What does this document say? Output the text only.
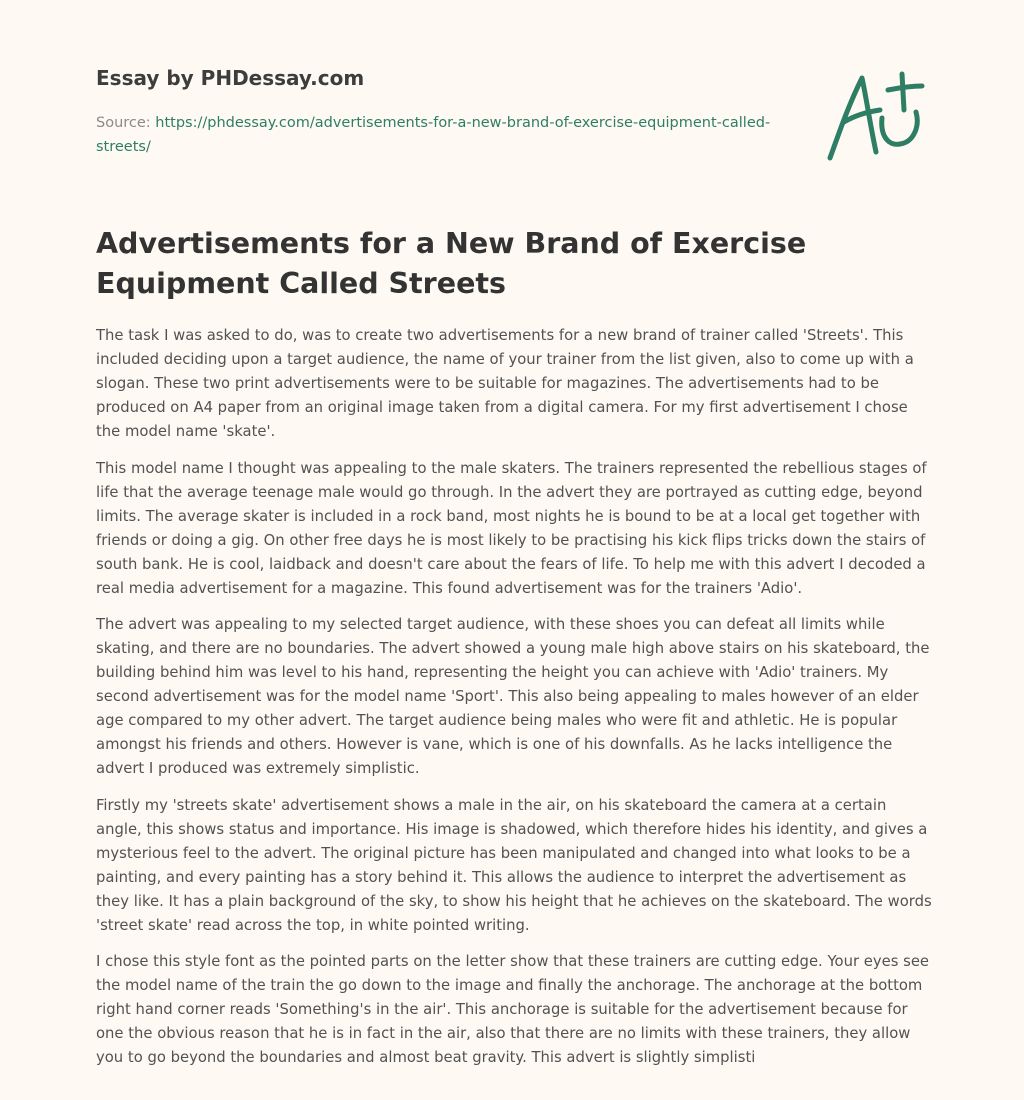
Essay by PHDessay.com

Source: https://phdessay.com/advertisements-for-a-new-brand-of-exercise-equipment-called-streets/
Advertisements for a New Brand of Exercise Equipment Called Streets

The task I was asked to do, was to create two advertisements for a new brand of trainer called 'Streets'. This included deciding upon a target audience, the name of your trainer from the list given, also to come up with a slogan. These two print advertisements were to be suitable for magazines. The advertisements had to be produced on A4 paper from an original image taken from a digital camera. For my first advertisement I chose the model name 'skate'.

This model name I thought was appealing to the male skaters. The trainers represented the rebellious stages of life that the average teenage male would go through. In the advert they are portrayed as cutting edge, beyond limits. The average skater is included in a rock band, most nights he is bound to be at a local get together with friends or doing a gig. On other free days he is most likely to be practising his kick flips tricks down the stairs of south bank. He is cool, laidback and doesn't care about the fears of life. To help me with this advert I decoded a real media advertisement for a magazine. This found advertisement was for the trainers 'Adio'.

The advert was appealing to my selected target audience, with these shoes you can defeat all limits while skating, and there are no boundaries. The advert showed a young male high above stairs on his skateboard, the building behind him was level to his hand, representing the height you can achieve with 'Adio' trainers. My second advertisement was for the model name 'Sport'. This also being appealing to males however of an elder age compared to my other advert. The target audience being males who were fit and athletic. He is popular amongst his friends and others. However is vane, which is one of his downfalls. As he lacks intelligence the advert I produced was extremely simplistic.

Firstly my 'streets skate' advertisement shows a male in the air, on his skateboard the camera at a certain angle, this shows status and importance. His image is shadowed, which therefore hides his identity, and gives a mysterious feel to the advert. The original picture has been manipulated and changed into what looks to be a painting, and every painting has a story behind it. This allows the audience to interpret the advertisement as they like. It has a plain background of the sky, to show his height that he achieves on the skateboard. The words 'street skate' read across the top, in white pointed writing.

I chose this style font as the pointed parts on the letter show that these trainers are cutting edge. Your eyes see the model name of the train the go down to the image and finally the anchorage. The anchorage at the bottom right hand corner reads 'Something's in the air'. This anchorage is suitable for the advertisement because for one the obvious reason that he is in fact in the air, also that there are no limits with these trainers, they allow you to go beyond the boundaries and almost beat gravity. This advert is slightly simplisti
